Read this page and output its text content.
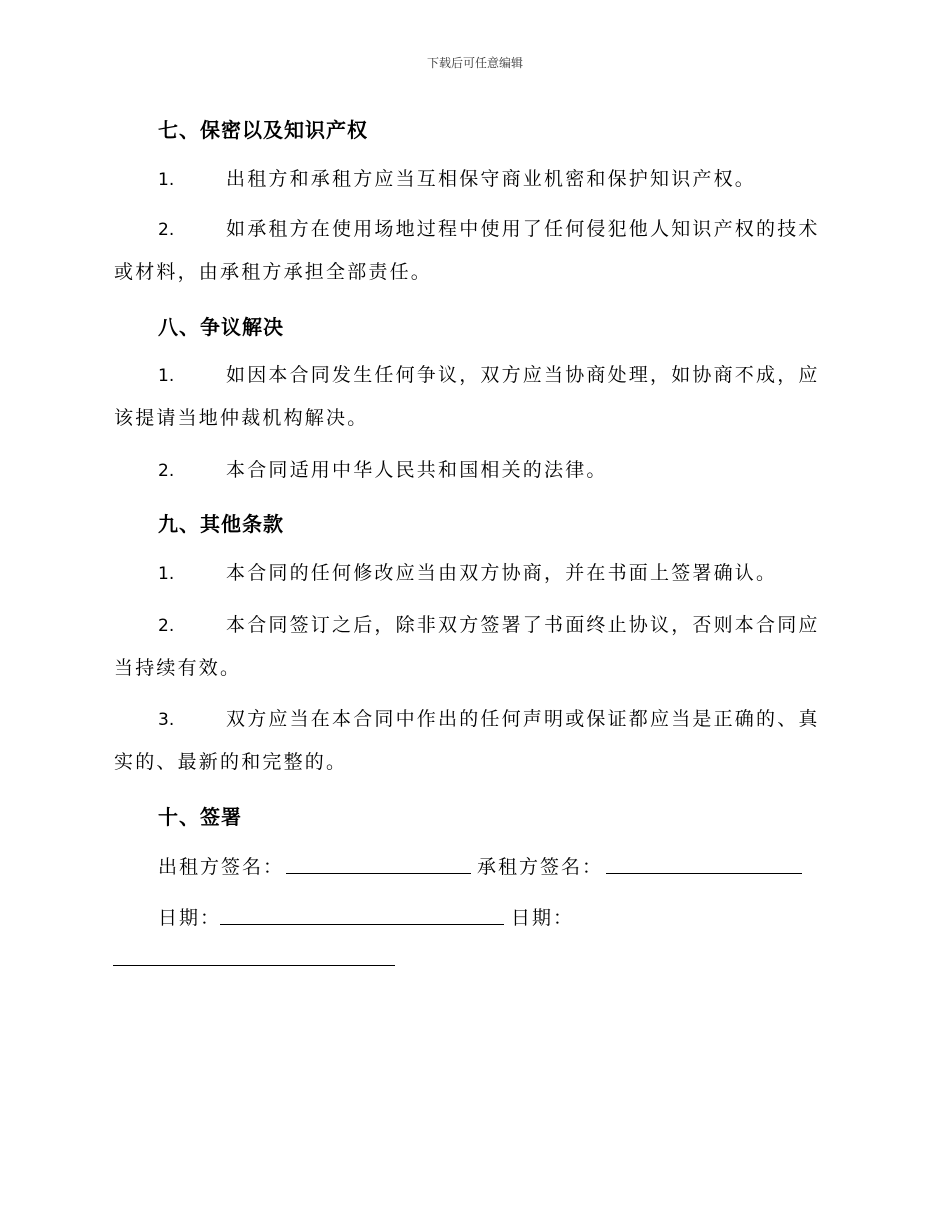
下载后可任意编辑
七、保密以及知识产权
1.	出租方和承租方应当互相保守商业机密和保护知识产权。
2.	如承租方在使用场地过程中使用了任何侵犯他人知识产权的技术
或材料，由承租方承担全部责任。
八、争议解决
1.	如因本合同发生任何争议，双方应当协商处理，如协商不成，应
该提请当地仲裁机构解决。
2.	本合同适用中华人民共和国相关的法律。
九、其他条款
1.	本合同的任何修改应当由双方协商，并在书面上签署确认。
2.	本合同签订之后，除非双方签署了书面终止协议，否则本合同应
当持续有效。
3.	双方应当在本合同中作出的任何声明或保证都应当是正确的、真
实的、最新的和完整的。
十、签署
出租方签名：	承租方签名：
日期：	日期：
